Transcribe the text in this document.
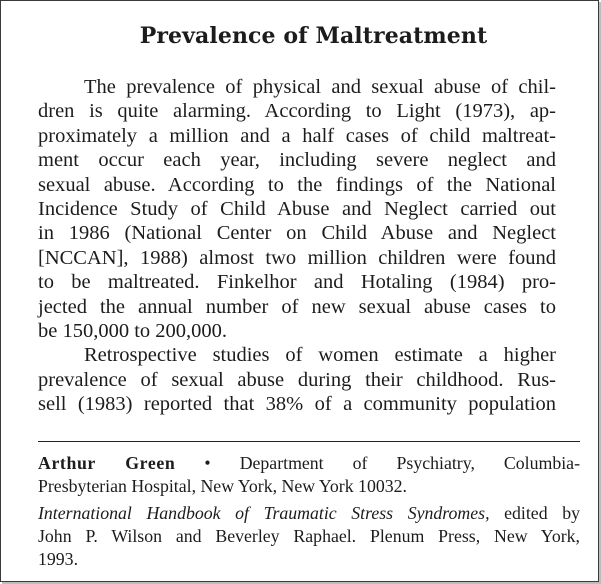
Prevalence of Maltreatment
The prevalence of physical and sexual abuse of chil-
dren is quite alarming. According to Light (1973), ap-
proximately a million and a half cases of child maltreat-
ment occur each year, including severe neglect and
sexual abuse. According to the findings of the National
Incidence Study of Child Abuse and Neglect carried out
in 1986 (National Center on Child Abuse and Neglect
[NCCAN], 1988) almost two million children were found
to be maltreated. Finkelhor and Hotaling (1984) pro-
jected the annual number of new sexual abuse cases to
be 150,000 to 200,000.
Retrospective studies of women estimate a higher
prevalence of sexual abuse during their childhood. Rus-
sell (1983) reported that 38% of a community population
Arthur Green • Department of Psychiatry, Columbia-
Presbyterian Hospital, New York, New York 10032.
International Handbook of Traumatic Stress Syndromes, edited by
John P. Wilson and Beverley Raphael. Plenum Press, New York,
1993.
